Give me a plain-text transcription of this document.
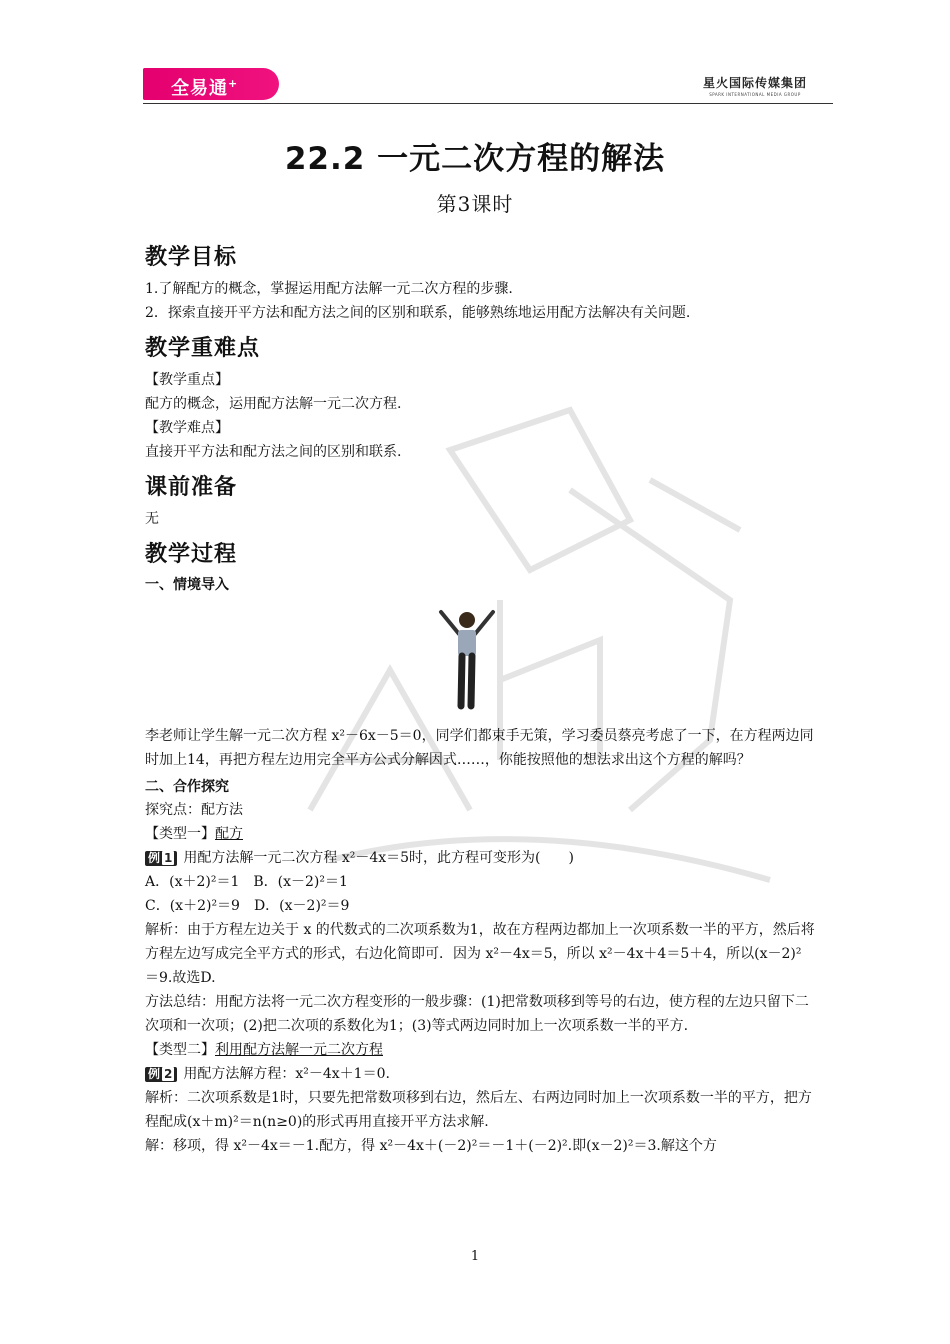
全易通+	星火国际传媒集团
SPARK INTERNATIONAL MEDIA GROUP
22.2 一元二次方程的解法
第3课时
教学目标

1.了解配方的概念，掌握运用配方法解一元二次方程的步骤.

2．探索直接开平方法和配方法之间的区别和联系，能够熟练地运用配方法解决有关问题.

教学重难点

【教学重点】

配方的概念，运用配方法解一元二次方程.

【教学难点】

直接开平方法和配方法之间的区别和联系.

课前准备

无

教学过程
一、情境导入

李老师让学生解一元二次方程 x²－6x－5＝0，同学们都束手无策，学习委员蔡亮考虑了一下，在方程两边同时加上14，再把方程左边用完全平方公式分解因式……，你能按照他的想法求出这个方程的解吗？

二、合作探究

探究点：配方法

【类型一】配方

例 1 用配方法解一元二次方程 x²－4x＝5时，此方程可变形为(　　)

A．(x＋2)²＝1　B．(x－2)²＝1

C．(x＋2)²＝9　D．(x－2)²＝9

解析：由于方程左边关于 x 的代数式的二次项系数为1，故在方程两边都加上一次项系数一半的平方，然后将方程左边写成完全平方式的形式，右边化简即可．因为 x²－4x＝5，所以 x²－4x＋4＝5＋4，所以(x－2)²＝9.故选D.

方法总结：用配方法将一元二次方程变形的一般步骤：(1)把常数项移到等号的右边，使方程的左边只留下二次项和一次项；(2)把二次项的系数化为1；(3)等式两边同时加上一次项系数一半的平方.

【类型二】利用配方法解一元二次方程

例 2 用配方法解方程：x²－4x＋1＝0.

解析：二次项系数是1时，只要先把常数项移到右边，然后左、右两边同时加上一次项系数一半的平方，把方程配成(x＋m)²＝n(n≥0)的形式再用直接开平方法求解.

解：移项，得 x²－4x＝－1.配方，得 x²－4x＋(－2)²＝－1＋(－2)².即(x－2)²＝3.解这个方

1
